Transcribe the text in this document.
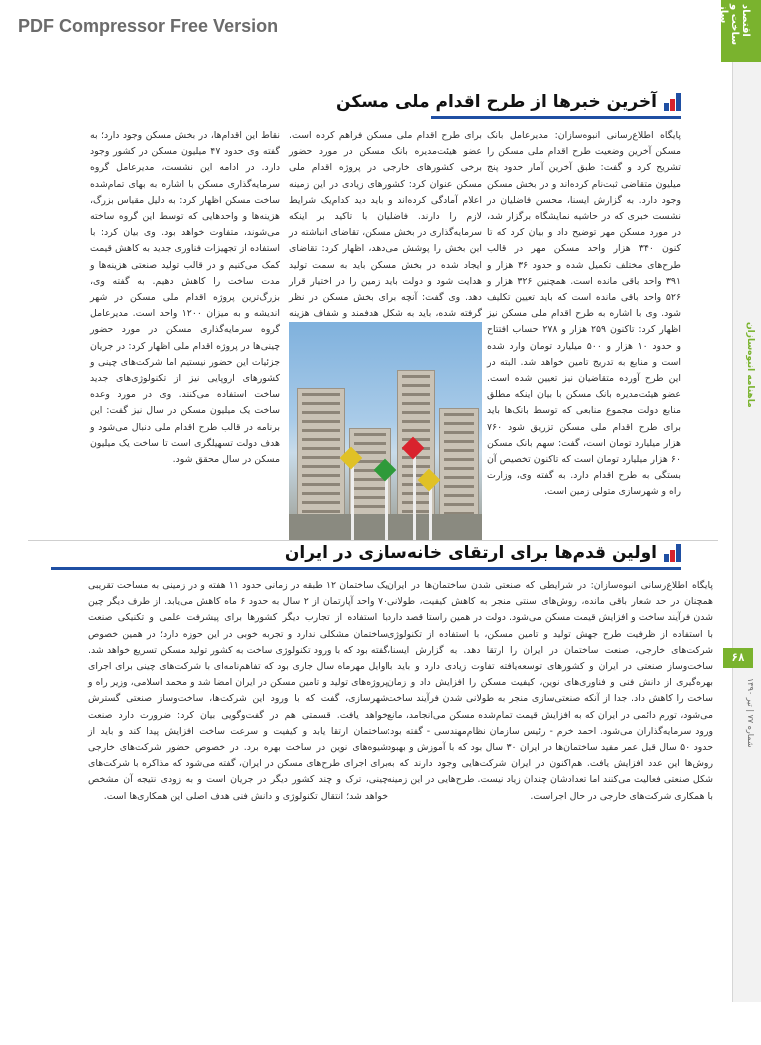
PDF Compressor Free Version	اقتصاد ساخت و ساز
ماهنامه انبوه‌سازان
۶۸
شماره ۷۷ | تیر ۱۳۹۰
آخرین خبرها از طرح اقدام ملی مسکن

پایگاه اطلاع‌رسانی انبوه‌سازان: مدیرعامل بانک مسکن آخرین وضعیت طرح اقدام ملی مسکن را تشریح کرد و گفت: طبق آخرین آمار حدود پنج میلیون متقاضی ثبت‌نام کرده‌اند و در بخش مسکن وجود دارد. به گزارش ایسنا، محسن فاضلیان در نشست خبری که در حاشیه نمایشگاه برگزار شد، در مورد مسکن مهر توضیح داد و بیان کرد که تا کنون ۳۴۰ هزار واحد مسکن مهر در قالب طرح‌های مختلف تکمیل شده و حدود ۳۶ هزار و ۳۹۱ واحد باقی مانده است. همچنین ۳۲۶ هزار و ۵۲۶ واحد باقی مانده است که باید تعیین تکلیف شود. وی با اشاره به طرح اقدام ملی مسکن نیز اظهار کرد: تاکنون ۲۵۹ هزار و ۲۷۸ حساب افتتاح و حدود ۱۰ هزار و ۵۰۰ میلیارد تومان وارد شده است و منابع به تدریج تامین خواهد شد. البته در این طرح آورده متقاضیان نیز تعیین شده است. عضو هیئت‌مدیره بانک مسکن با بیان اینکه مطلق منابع دولت مجموع منابعی که توسط بانک‌ها باید برای طرح اقدام ملی مسکن تزریق شود ۷۶۰ هزار میلیارد تومان است، گفت: سهم بانک مسکن ۶۰ هزار میلیارد تومان است که تاکنون تخصیص آن بستگی به طرح اقدام دارد. به گفته وی، وزارت راه و شهرسازی متولی زمین است.

برای طرح اقدام ملی مسکن فراهم کرده است. عضو هیئت‌مدیره بانک مسکن در مورد حضور برخی کشورهای خارجی در پروژه اقدام ملی مسکن عنوان کرد: کشورهای زیادی در این زمینه اعلام آمادگی کرده‌اند و باید دید کدام‌یک شرایط لازم را دارند. فاضلیان با تاکید بر اینکه سرمایه‌گذاری در بخش مسکن، تقاضای انباشته در این بخش را پوشش می‌دهد، اظهار کرد: تقاضای ایجاد شده در بخش مسکن باید به سمت تولید هدایت شود و دولت باید زمین را در اختیار قرار دهد. وی گفت: آنچه برای بخش مسکن در نظر گرفته شده، باید به شکل هدفمند و شفاف هزینه

نقاط این اقدام‌ها، در بخش مسکن وجود دارد؛ به گفته وی حدود ۴۷ میلیون مسکن در کشور وجود دارد. در ادامه این نشست، مدیرعامل گروه سرمایه‌گذاری مسکن با اشاره به بهای تمام‌شده ساخت مسکن اظهار کرد: به دلیل مقیاس بزرگ، هزینه‌ها و واحدهایی که توسط این گروه ساخته می‌شوند، متفاوت خواهد بود. وی بیان کرد: با استفاده از تجهیزات فناوری جدید به کاهش قیمت کمک می‌کنیم و در قالب تولید صنعتی هزینه‌ها و مدت ساخت را کاهش دهیم. به گفته وی، بزرگ‌ترین پروژه اقدام ملی مسکن در شهر اندیشه و به میزان ۱۲۰۰ واحد است. مدیرعامل گروه سرمایه‌گذاری مسکن در مورد حضور چینی‌ها در پروژه اقدام ملی اظهار کرد: در جریان جزئیات این حضور نیستیم اما شرکت‌های چینی و کشورهای اروپایی نیز از تکنولوژی‌های جدید ساخت استفاده می‌کنند. وی در مورد وعده ساخت یک میلیون مسکن در سال نیز گفت: این برنامه در قالب طرح اقدام ملی دنبال می‌شود و هدف دولت تسهیلگری است تا ساخت یک میلیون مسکن در سال محقق شود.

اولین قدم‌ها برای ارتقای خانه‌سازی در ایران

پایگاه اطلاع‌رسانی انبوه‌سازان: در شرایطی که صنعتی شدن ساختمان‌ها در ایران همچنان در حد شعار باقی مانده، روش‌های سنتی منجر به کاهش کیفیت، طولانی شدن فرآیند ساخت و افزایش قیمت مسکن می‌شود. دولت در همین راستا قصد دارد با استفاده از ظرفیت طرح جهش تولید و تامین مسکن، با استفاده از تکنولوژی شرکت‌های خارجی، صنعت ساختمان در ایران را ارتقا دهد. به گزارش ایسنا، ساخت‌وساز صنعتی در ایران و کشورهای توسعه‌یافته تفاوت زیادی دارد و باید با بهره‌گیری از دانش فنی و فناوری‌های نوین، کیفیت مسکن را افزایش داد و زمان ساخت را کاهش داد. جدا از آنکه صنعتی‌سازی منجر به طولانی شدن فرآیند ساخت می‌شود، تورم دائمی در ایران که به افزایش قیمت تمام‌شده مسکن می‌انجامد، مانع ورود سرمایه‌گذاران می‌شود. احمد خرم - رئیس سازمان نظام‌مهندسی - گفته بود: حدود ۵۰ سال قبل عمر مفید ساختمان‌ها در ایران ۳۰ سال بود که با آموزش و بهبود روش‌ها این عدد افزایش یافت. هم‌اکنون در ایران شرکت‌هایی وجود دارند که به شکل صنعتی فعالیت می‌کنند اما تعدادشان چندان زیاد نیست. طرح‌هایی در این زمینه با همکاری شرکت‌های خارجی در حال اجراست.

یک ساختمان ۱۲ طبقه در زمانی حدود ۱۱ هفته و در زمینی به مساحت تقریبی ۷۰ واحد آپارتمان از ۲ سال به حدود ۶ ماه کاهش می‌یابد. از طرف دیگر چین با استفاده از تجارب دیگر کشورها برای پیشرفت علمی و تکنیکی صنعت ساختمان مشکلی ندارد و تجربه خوبی در این حوزه دارد؛ در همین خصوص گفته بود که با ورود تکنولوژی ساخت به کشور تولید مسکن تسریع خواهد شد. اوایل مهرماه سال جاری بود که تفاهم‌نامه‌ای با شرکت‌های چینی برای اجرای پروژه‌های تولید و تامین مسکن در ایران امضا شد و محمد اسلامی، وزیر راه و شهرسازی، گفت که با ورود این شرکت‌ها، ساخت‌وساز صنعتی گسترش خواهد یافت. قسمتی هم در گفت‌وگویی بیان کرد: ضرورت دارد صنعت ساختمان ارتقا یابد و کیفیت و سرعت ساخت افزایش پیدا کند و باید از شیوه‌های نوین در ساخت بهره برد. در خصوص حضور شرکت‌های خارجی برای اجرای طرح‌های مسکن در ایران، گفته می‌شود که مذاکره با شرکت‌های چینی، ترک و چند کشور دیگر در جریان است و به زودی نتیجه آن مشخص خواهد شد؛ انتقال تکنولوژی و دانش فنی هدف اصلی این همکاری‌ها است.
